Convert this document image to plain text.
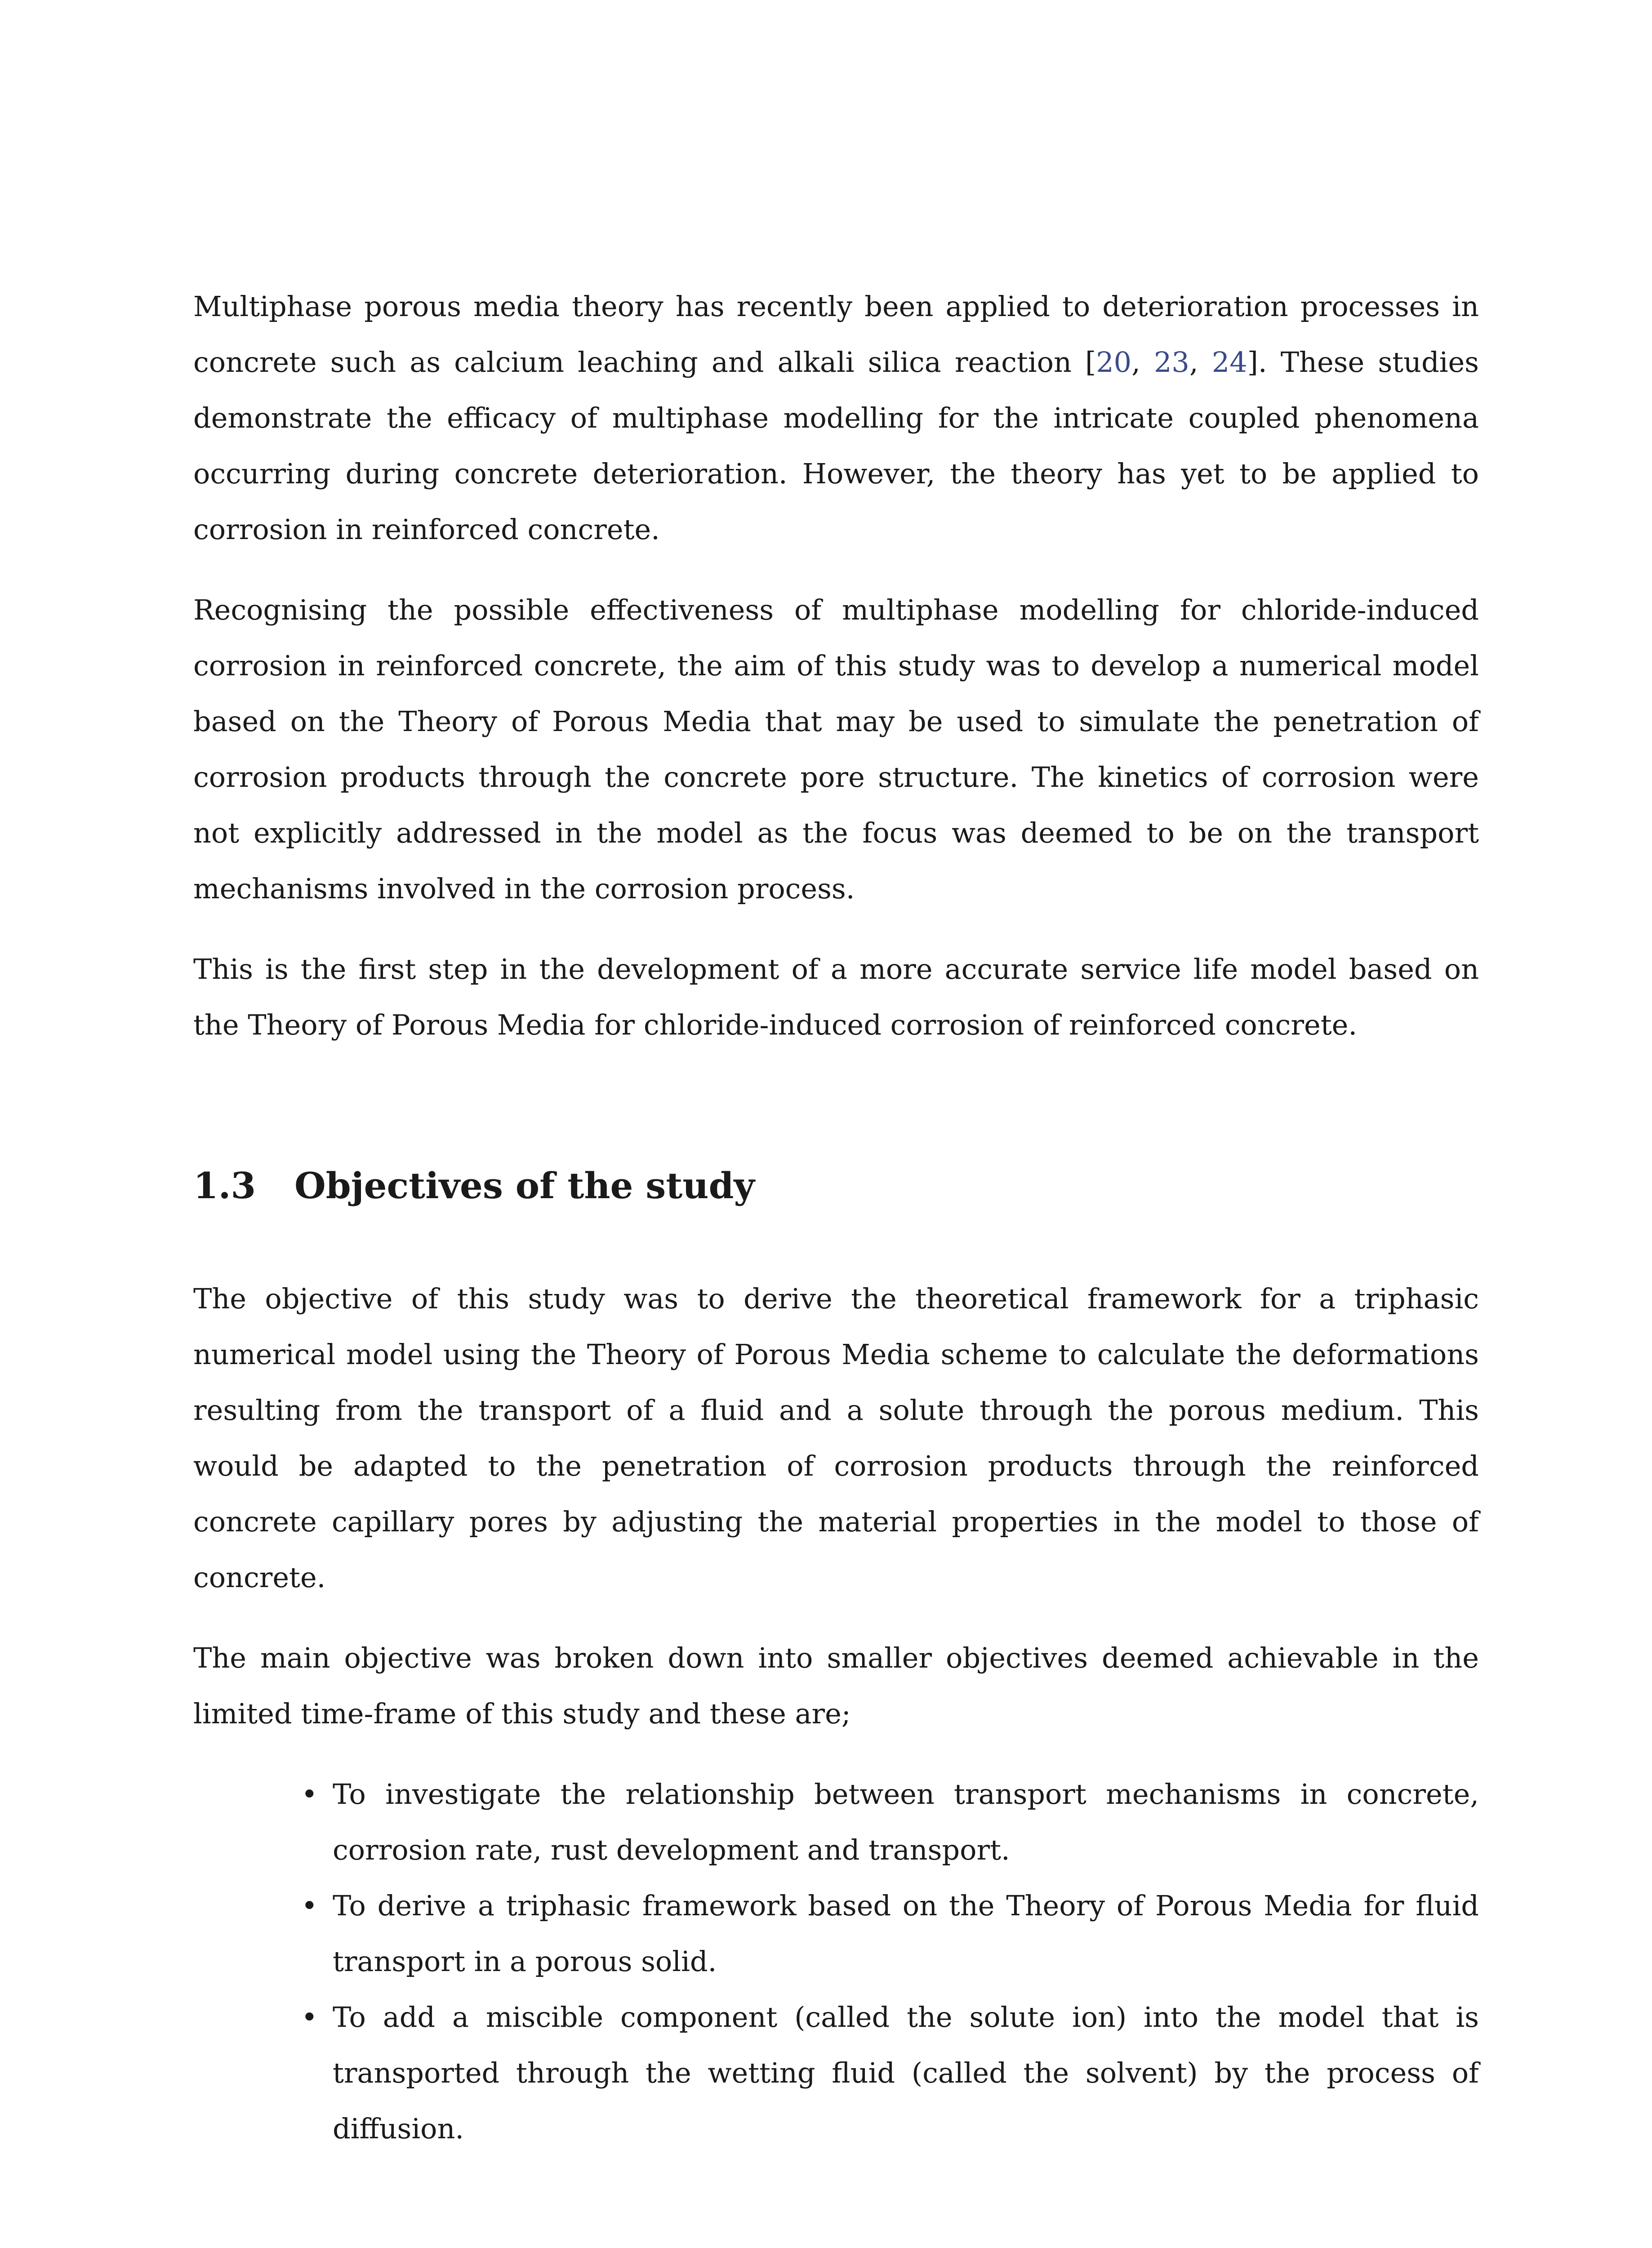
Multiphase porous media theory has recently been applied to deterioration processes in concrete such as calcium leaching and alkali silica reaction [20, 23, 24]. These studies demonstrate the efficacy of multiphase modelling for the intricate coupled phenomena occurring during concrete deterioration. However, the theory has yet to be applied to corrosion in reinforced concrete.

Recognising the possible effectiveness of multiphase modelling for chloride-induced corrosion in reinforced concrete, the aim of this study was to develop a numerical model based on the Theory of Porous Media that may be used to simulate the penetration of corrosion products through the concrete pore structure. The kinetics of corrosion were not explicitly addressed in the model as the focus was deemed to be on the transport mechanisms involved in the corrosion process.

This is the first step in the development of a more accurate service life model based on the Theory of Porous Media for chloride-induced corrosion of reinforced concrete.

1.3 Objectives of the study

The objective of this study was to derive the theoretical framework for a triphasic numerical model using the Theory of Porous Media scheme to calculate the deformations resulting from the transport of a fluid and a solute through the porous medium. This would be adapted to the penetration of corrosion products through the reinforced concrete capillary pores by adjusting the material properties in the model to those of concrete.

The main objective was broken down into smaller objectives deemed achievable in the limited time-frame of this study and these are;

• To investigate the relationship between transport mechanisms in concrete, corrosion rate, rust development and transport.
• To derive a triphasic framework based on the Theory of Porous Media for fluid transport in a porous solid.
• To add a miscible component (called the solute ion) into the model that is transported through the wetting fluid (called the solvent) by the process of diffusion.
